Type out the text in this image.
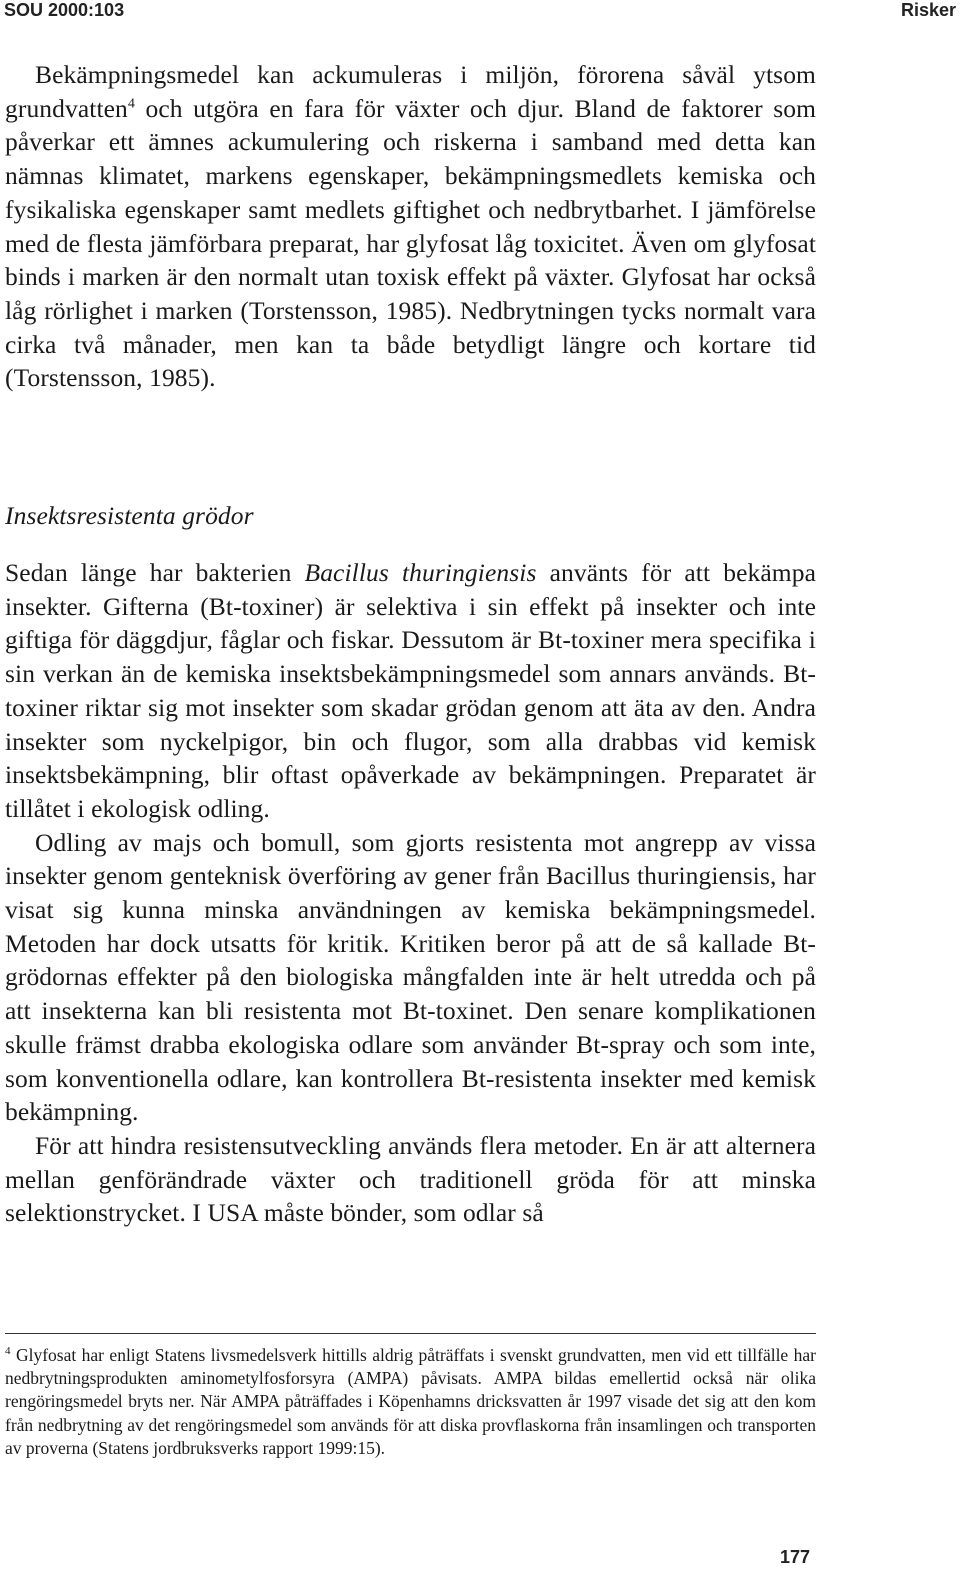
SOU 2000:103	Risker

Bekämpningsmedel kan ackumuleras i miljön, förorena såväl ytsom grundvatten$^4$ och utgöra en fara för växter och djur. Bland de faktorer som påverkar ett ämnes ackumulering och riskerna i samband med detta kan nämnas klimatet, markens egenskaper, bekämpningsmedlets kemiska och fysikaliska egenskaper samt medlets giftighet och nedbrytbarhet. I jämförelse med de flesta jämförbara preparat, har glyfosat låg toxicitet. Även om glyfosat binds i marken är den normalt utan toxisk effekt på växter. Glyfosat har också låg rörlighet i marken (Torstensson, 1985). Nedbrytningen tycks normalt vara cirka två månader, men kan ta både betydligt längre och kortare tid (Torstensson, 1985).

Insektsresistenta grödor

Sedan länge har bakterien Bacillus thuringiensis använts för att bekämpa insekter. Gifterna (Bt-toxiner) är selektiva i sin effekt på insekter och inte giftiga för däggdjur, fåglar och fiskar. Dessutom är Bt-toxiner mera specifika i sin verkan än de kemiska insektsbekämpningsmedel som annars används. Bt-toxiner riktar sig mot insekter som skadar grödan genom att äta av den. Andra insekter som nyckelpigor, bin och flugor, som alla drabbas vid kemisk insektsbekämpning, blir oftast opåverkade av bekämpningen. Preparatet är tillåtet i ekologisk odling.

Odling av majs och bomull, som gjorts resistenta mot angrepp av vissa insekter genom genteknisk överföring av gener från Bacillus thuringiensis, har visat sig kunna minska användningen av kemiska bekämpningsmedel. Metoden har dock utsatts för kritik. Kritiken beror på att de så kallade Bt-grödornas effekter på den biologiska mångfalden inte är helt utredda och på att insekterna kan bli resistenta mot Bt-toxinet. Den senare komplikationen skulle främst drabba ekologiska odlare som använder Bt-spray och som inte, som konventionella odlare, kan kontrollera Bt-resistenta insekter med kemisk bekämpning.

För att hindra resistensutveckling används flera metoder. En är att alternera mellan genförändrade växter och traditionell gröda för att minska selektionstrycket. I USA måste bönder, som odlar så

$^4$ Glyfosat har enligt Statens livsmedelsverk hittills aldrig påträffats i svenskt grundvatten, men vid ett tillfälle har nedbrytningsprodukten aminometylfosforsyra (AMPA) påvisats. AMPA bildas emellertid också när olika rengöringsmedel bryts ner. När AMPA påträffades i Köpenhamns dricksvatten år 1997 visade det sig att den kom från nedbrytning av det rengöringsmedel som används för att diska provflaskorna från insamlingen och transporten av proverna (Statens jordbruksverks rapport 1999:15).
177
